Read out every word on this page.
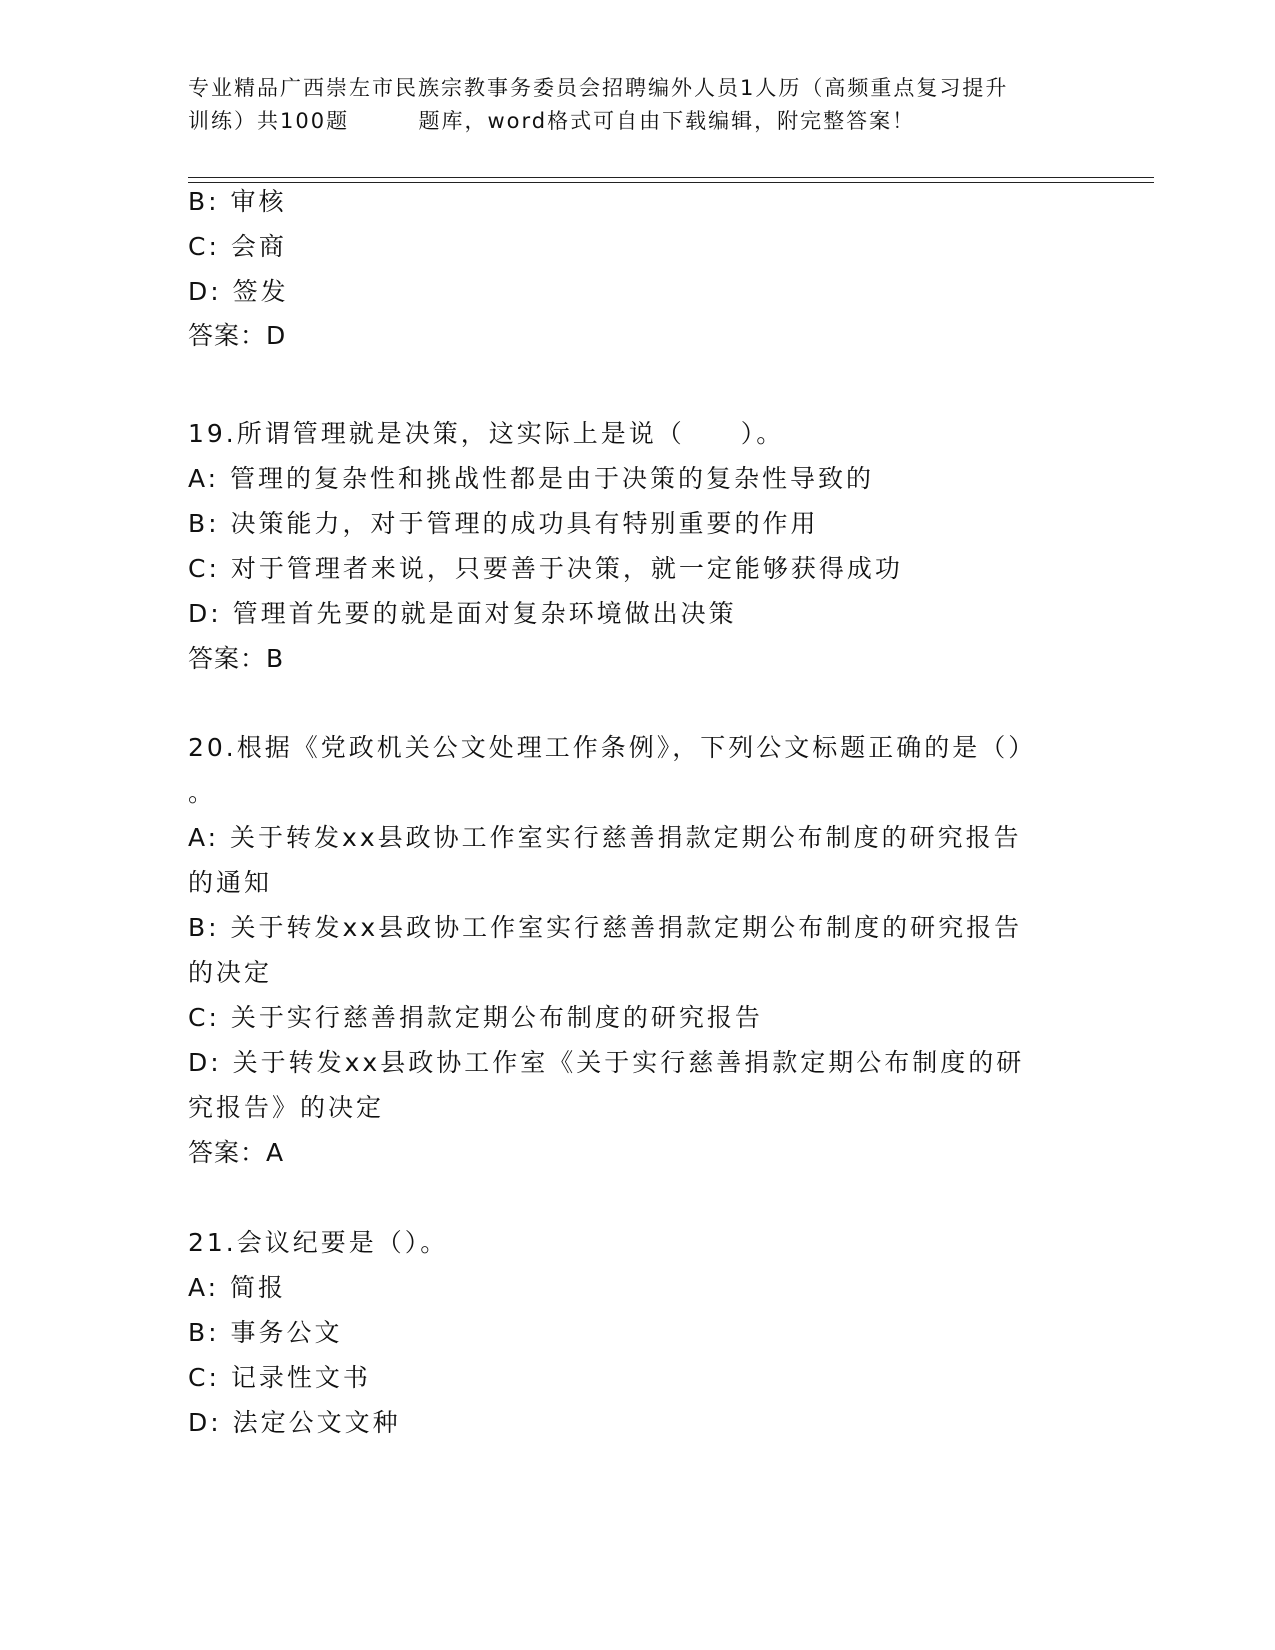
专业精品广西崇左市民族宗教事务委员会招聘编外人员1人历（高频重点复习提升
训练）共100题        题库，word格式可自由下载编辑，附完整答案！
B: 审核
C: 会商
D: 签发
答案：D
19.所谓管理就是决策，这实际上是说（　　）。
A: 管理的复杂性和挑战性都是由于决策的复杂性导致的
B: 决策能力，对于管理的成功具有特别重要的作用
C: 对于管理者来说，只要善于决策，就一定能够获得成功
D: 管理首先要的就是面对复杂环境做出决策
答案：B
20.根据《党政机关公文处理工作条例》，下列公文标题正确的是（）
。
A: 关于转发xx县政协工作室实行慈善捐款定期公布制度的研究报告
的通知
B: 关于转发xx县政协工作室实行慈善捐款定期公布制度的研究报告
的决定
C: 关于实行慈善捐款定期公布制度的研究报告
D: 关于转发xx县政协工作室《关于实行慈善捐款定期公布制度的研
究报告》的决定
答案：A
21.会议纪要是（）。
A: 简报
B: 事务公文
C: 记录性文书
D: 法定公文文种
